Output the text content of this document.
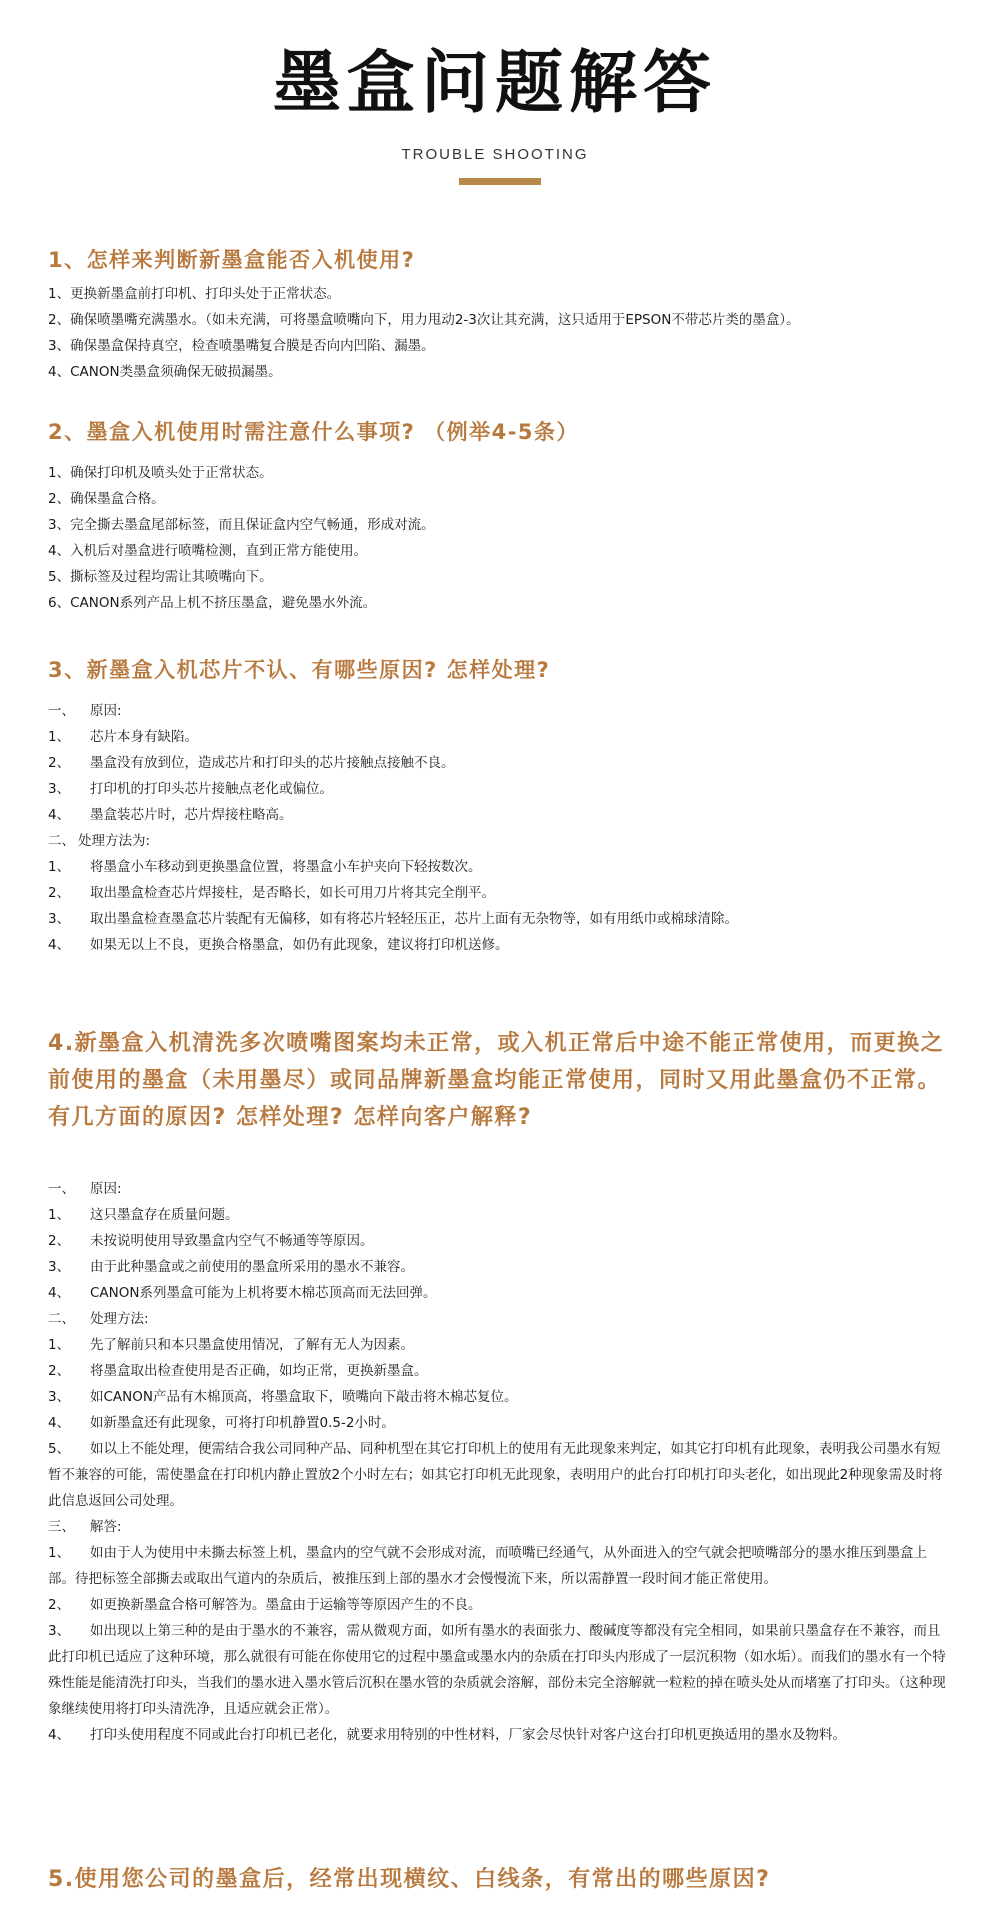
墨盒问题解答
TROUBLE SHOOTING
1、怎样来判断新墨盒能否入机使用?
1、更换新墨盒前打印机、打印头处于正常状态。
2、确保喷墨嘴充满墨水。（如未充满，可将墨盒喷嘴向下，用力甩动2-3次让其充满，这只适用于EPSON不带芯片类的墨盒）。
3、确保墨盒保持真空，检查喷墨嘴复合膜是否向内凹陷、漏墨。
4、CANON类墨盒须确保无破损漏墨。
2、墨盒入机使用时需注意什么事项? （例举4-5条）
1、确保打印机及喷头处于正常状态。
2、确保墨盒合格。
3、完全撕去墨盒尾部标签，而且保证盒内空气畅通，形成对流。
4、入机后对墨盒进行喷嘴检测，直到正常方能使用。
5、撕标签及过程均需让其喷嘴向下。
6、CANON系列产品上机不挤压墨盒，避免墨水外流。
3、新墨盒入机芯片不认、有哪些原因? 怎样处理?
一、	原因:
1、	芯片本身有缺陷。
2、	墨盒没有放到位，造成芯片和打印头的芯片接触点接触不良。
3、	打印机的打印头芯片接触点老化或偏位。
4、	墨盒装芯片时，芯片焊接柱略高。
二、 处理方法为:
1、	将墨盒小车移动到更换墨盒位置，将墨盒小车护夹向下轻按数次。
2、	取出墨盒检查芯片焊接柱，是否略长，如长可用刀片将其完全削平。
3、	取出墨盒检查墨盒芯片装配有无偏移，如有将芯片轻轻压正，芯片上面有无杂物等，如有用纸巾或棉球清除。
4、	如果无以上不良，更换合格墨盒，如仍有此现象，建议将打印机送修。
4.新墨盒入机清洗多次喷嘴图案均未正常，或入机正常后中途不能正常使用，而更换之前使用的墨盒（未用墨尽）或同品牌新墨盒均能正常使用，同时又用此墨盒仍不正常。有几方面的原因? 怎样处理? 怎样向客户解释?
一、	原因:
1、	这只墨盒存在质量问题。
2、	未按说明使用导致墨盒内空气不畅通等等原因。
3、	由于此种墨盒或之前使用的墨盒所采用的墨水不兼容。
4、	CANON系列墨盒可能为上机将要木棉芯顶高而无法回弹。
二、	处理方法:
1、	先了解前只和本只墨盒使用情况，了解有无人为因素。
2、	将墨盒取出检查使用是否正确，如均正常，更换新墨盒。
3、	如CANON产品有木棉顶高，将墨盒取下，喷嘴向下敲击将木棉芯复位。
4、	如新墨盒还有此现象，可将打印机静置0.5-2小时。
5、 如以上不能处理，便需结合我公司同种产品、同种机型在其它打印机上的使用有无此现象来判定，如其它打印机有此现象，表明我公司墨水有短暂不兼容的可能，需使墨盒在打印机内静止置放2个小时左右；如其它打印机无此现象，表明用户的此台打印机打印头老化，如出现此2种现象需及时将此信息返回公司处理。
三、	解答:
1、 如由于人为使用中未撕去标签上机，墨盒内的空气就不会形成对流，而喷嘴已经通气，从外面进入的空气就会把喷嘴部分的墨水推压到墨盒上部。待把标签全部撕去或取出气道内的杂质后，被推压到上部的墨水才会慢慢流下来，所以需静置一段时间才能正常使用。
2、	如更换新墨盒合格可解答为。墨盒由于运输等等原因产生的不良。
3、 如出现以上第三种的是由于墨水的不兼容，需从微观方面，如所有墨水的表面张力、酸碱度等都没有完全相同，如果前只墨盒存在不兼容，而且此打印机已适应了这种环境，那么就很有可能在你使用它的过程中墨盒或墨水内的杂质在打印头内形成了一层沉积物（如水垢）。而我们的墨水有一个特殊性能是能清洗打印头，当我们的墨水进入墨水管后沉积在墨水管的杂质就会溶解，部份未完全溶解就一粒粒的掉在喷头处从而堵塞了打印头。（这种现象继续使用将打印头清洗净，且适应就会正常）。
4、 打印头使用程度不同或此台打印机已老化，就要求用特别的中性材料，厂家会尽快针对客户这台打印机更换适用的墨水及物料。
5.使用您公司的墨盒后，经常出现横纹、白线条，有常出的哪些原因?
